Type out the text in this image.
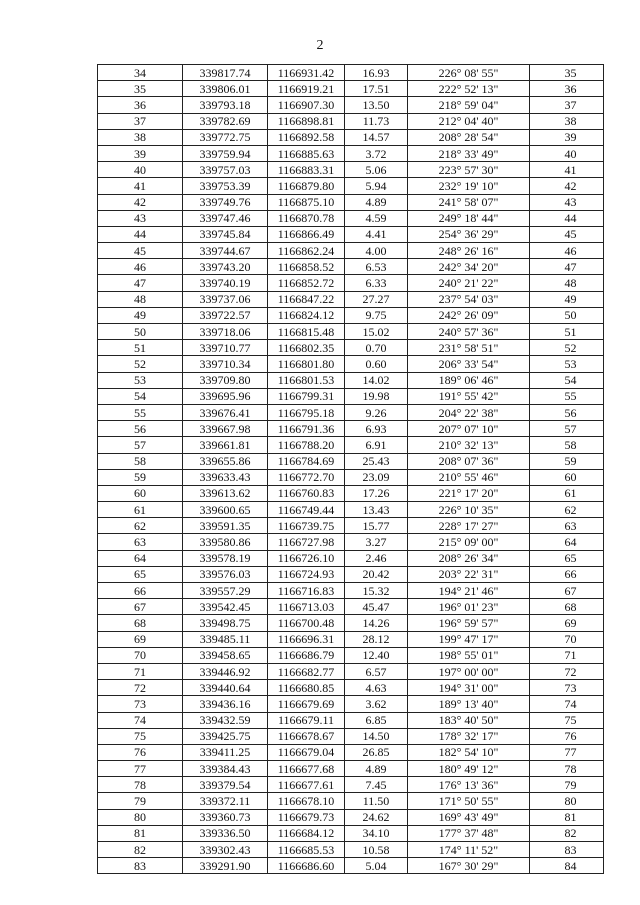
2
34	339817.74	1166931.42	16.93	226° 08' 55"	35
35	339806.01	1166919.21	17.51	222° 52' 13"	36
36	339793.18	1166907.30	13.50	218° 59' 04"	37
37	339782.69	1166898.81	11.73	212° 04' 40"	38
38	339772.75	1166892.58	14.57	208° 28' 54"	39
39	339759.94	1166885.63	3.72	218° 33' 49"	40
40	339757.03	1166883.31	5.06	223° 57' 30"	41
41	339753.39	1166879.80	5.94	232° 19' 10"	42
42	339749.76	1166875.10	4.89	241° 58' 07"	43
43	339747.46	1166870.78	4.59	249° 18' 44"	44
44	339745.84	1166866.49	4.41	254° 36' 29"	45
45	339744.67	1166862.24	4.00	248° 26' 16"	46
46	339743.20	1166858.52	6.53	242° 34' 20"	47
47	339740.19	1166852.72	6.33	240° 21' 22"	48
48	339737.06	1166847.22	27.27	237° 54' 03"	49
49	339722.57	1166824.12	9.75	242° 26' 09"	50
50	339718.06	1166815.48	15.02	240° 57' 36"	51
51	339710.77	1166802.35	0.70	231° 58' 51"	52
52	339710.34	1166801.80	0.60	206° 33' 54"	53
53	339709.80	1166801.53	14.02	189° 06' 46"	54
54	339695.96	1166799.31	19.98	191° 55' 42"	55
55	339676.41	1166795.18	9.26	204° 22' 38"	56
56	339667.98	1166791.36	6.93	207° 07' 10"	57
57	339661.81	1166788.20	6.91	210° 32' 13"	58
58	339655.86	1166784.69	25.43	208° 07' 36"	59
59	339633.43	1166772.70	23.09	210° 55' 46"	60
60	339613.62	1166760.83	17.26	221° 17' 20"	61
61	339600.65	1166749.44	13.43	226° 10' 35"	62
62	339591.35	1166739.75	15.77	228° 17' 27"	63
63	339580.86	1166727.98	3.27	215° 09' 00"	64
64	339578.19	1166726.10	2.46	208° 26' 34"	65
65	339576.03	1166724.93	20.42	203° 22' 31"	66
66	339557.29	1166716.83	15.32	194° 21' 46"	67
67	339542.45	1166713.03	45.47	196° 01' 23"	68
68	339498.75	1166700.48	14.26	196° 59' 57"	69
69	339485.11	1166696.31	28.12	199° 47' 17"	70
70	339458.65	1166686.79	12.40	198° 55' 01"	71
71	339446.92	1166682.77	6.57	197° 00' 00"	72
72	339440.64	1166680.85	4.63	194° 31' 00"	73
73	339436.16	1166679.69	3.62	189° 13' 40"	74
74	339432.59	1166679.11	6.85	183° 40' 50"	75
75	339425.75	1166678.67	14.50	178° 32' 17"	76
76	339411.25	1166679.04	26.85	182° 54' 10"	77
77	339384.43	1166677.68	4.89	180° 49' 12"	78
78	339379.54	1166677.61	7.45	176° 13' 36"	79
79	339372.11	1166678.10	11.50	171° 50' 55"	80
80	339360.73	1166679.73	24.62	169° 43' 49"	81
81	339336.50	1166684.12	34.10	177° 37' 48"	82
82	339302.43	1166685.53	10.58	174° 11' 52"	83
83	339291.90	1166686.60	5.04	167° 30' 29"	84
